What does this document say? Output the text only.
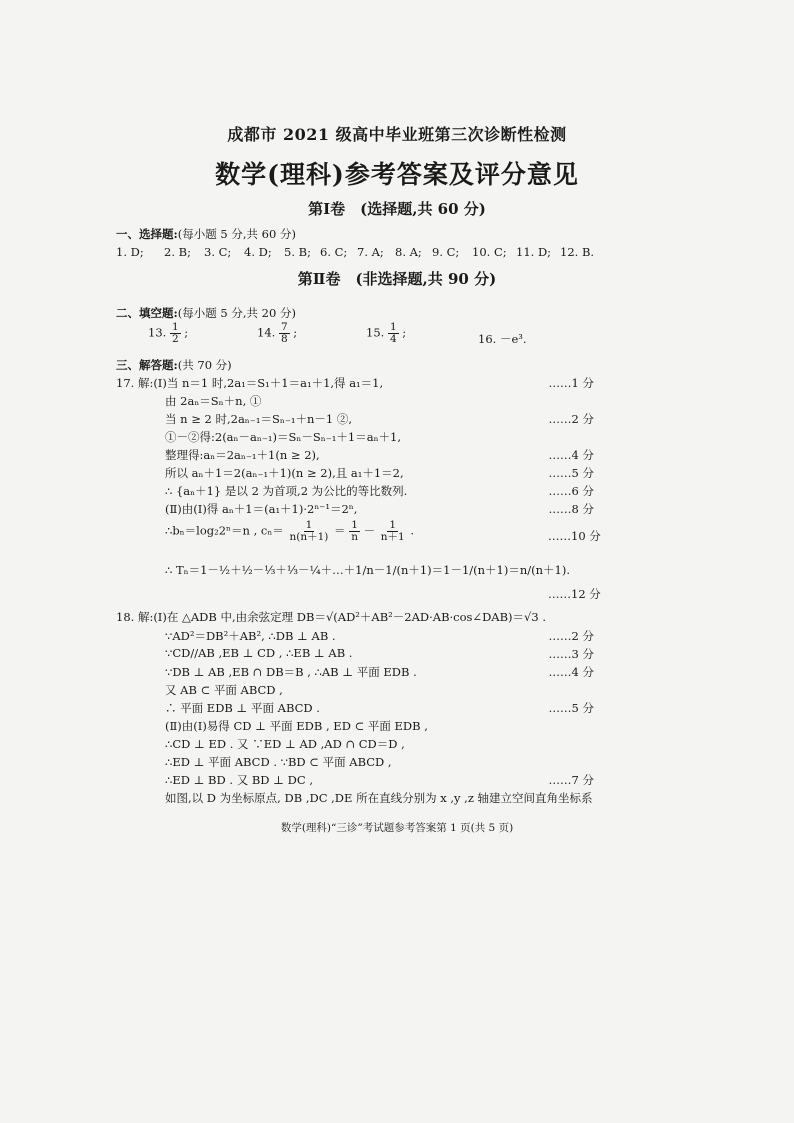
成都市 2021 级高中毕业班第三次诊断性检测
数学(理科)参考答案及评分意见
第Ⅰ卷　(选择题,共 60 分)
一、选择题:(每小题 5 分,共 60 分)
1. D; 2. B; 3. C; 4. D; 5. B; 6. C; 7. A; 8. A; 9. C; 10. C; 11. D; 12. B.
第Ⅱ卷　(非选择题,共 90 分)
二、填空题:(每小题 5 分,共 20 分)
13. $\frac{1}{2}$ ;	14. $\frac{7}{8}$ ;	15. $\frac{1}{4}$ ;	16. －e³.
三、解答题:(共 70 分)
17. 解:(Ⅰ)当 n＝1 时,2a₁＝S₁＋1＝a₁＋1,得 a₁＝1,	……1 分
由 2aₙ＝Sₙ＋n, ①
当 n ≥ 2 时,2aₙ₋₁＝Sₙ₋₁＋n－1 ②,	……2 分
①－②得:2(aₙ－aₙ₋₁)＝Sₙ－Sₙ₋₁＋1＝aₙ＋1,
整理得:aₙ＝2aₙ₋₁＋1(n ≥ 2),	……4 分
所以 aₙ＋1＝2(aₙ₋₁＋1)(n ≥ 2),且 a₁＋1＝2,	……5 分
∴ {aₙ＋1} 是以 2 为首项,2 为公比的等比数列.	……6 分
(Ⅱ)由(Ⅰ)得 aₙ＋1＝(a₁＋1)·2ⁿ⁻¹＝2ⁿ,	……8 分
∴bₙ＝log₂2ⁿ＝n , $c_n= \frac{1}{n(n+1)} = \frac{1}{n} - \frac{1}{n+1}$ .	……10 分
∴ Tₙ＝1－½＋½－⅓＋⅓－¼＋…＋1/n－1/(n＋1)＝1－1/(n＋1)＝n/(n＋1).
……12 分
18. 解:(Ⅰ)在 △ADB 中,由余弦定理 DB＝√(AD²＋AB²－2AD·AB·cos∠DAB)＝√3 .
∵AD²＝DB²＋AB², ∴DB ⊥ AB .	……2 分
∵CD//AB ,EB ⊥ CD , ∴EB ⊥ AB .	……3 分
∵DB ⊥ AB ,EB ∩ DB＝B , ∴AB ⊥ 平面 EDB .	……4 分
又 AB ⊂ 平面 ABCD ,
∴ 平面 EDB ⊥ 平面 ABCD .	……5 分
(Ⅱ)由(Ⅰ)易得 CD ⊥ 平面 EDB , ED ⊂ 平面 EDB ,
∴CD ⊥ ED . 又 ∵ED ⊥ AD ,AD ∩ CD＝D ,
∴ED ⊥ 平面 ABCD . ∵BD ⊂ 平面 ABCD ,
∴ED ⊥ BD . 又 BD ⊥ DC ,	……7 分
如图,以 D 为坐标原点, DB ,DC ,DE 所在直线分别为 x ,y ,z 轴建立空间直角坐标系
数学(理科)“三诊”考试题参考答案第 1 页(共 5 页)
